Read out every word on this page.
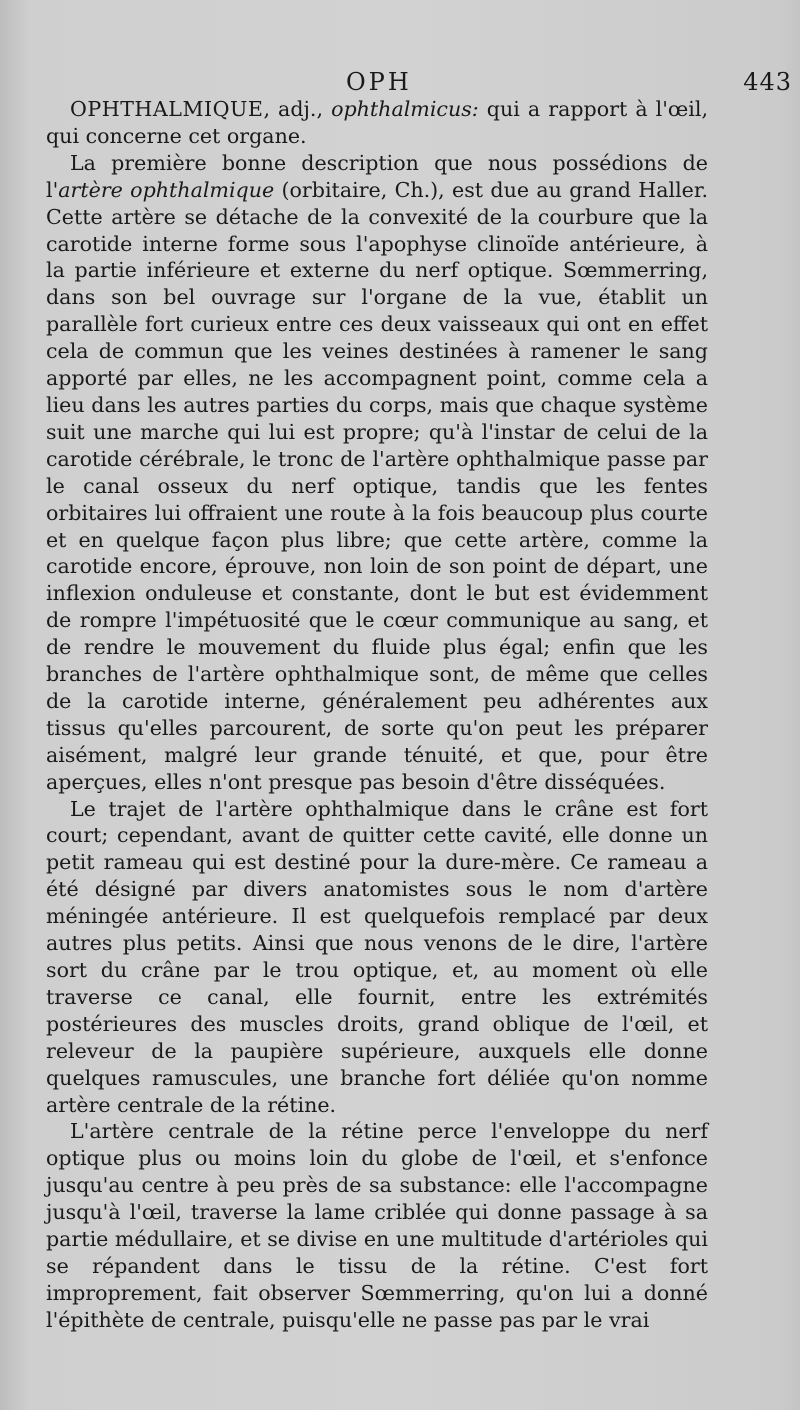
OPH	443

OPHTHALMIQUE, adj., ophthalmicus: qui a rapport à l'œil, qui concerne cet organe.

La première bonne description que nous possédions de l'artère ophthalmique (orbitaire, Ch.), est due au grand Haller. Cette artère se détache de la convexité de la courbure que la carotide interne forme sous l'apophyse clinoïde antérieure, à la partie inférieure et externe du nerf optique. Sœmmerring, dans son bel ouvrage sur l'organe de la vue, établit un parallèle fort curieux entre ces deux vaisseaux qui ont en effet cela de commun que les veines destinées à ramener le sang apporté par elles, ne les accompagnent point, comme cela a lieu dans les autres parties du corps, mais que chaque système suit une marche qui lui est propre; qu'à l'instar de celui de la carotide cérébrale, le tronc de l'artère ophthalmique passe par le canal osseux du nerf optique, tandis que les fentes orbitaires lui offraient une route à la fois beaucoup plus courte et en quelque façon plus libre; que cette artère, comme la carotide encore, éprouve, non loin de son point de départ, une inflexion onduleuse et constante, dont le but est évidemment de rompre l'impétuosité que le cœur communique au sang, et de rendre le mouvement du fluide plus égal; enfin que les branches de l'artère ophthalmique sont, de même que celles de la carotide interne, généralement peu adhérentes aux tissus qu'elles parcourent, de sorte qu'on peut les préparer aisément, malgré leur grande ténuité, et que, pour être aperçues, elles n'ont presque pas besoin d'être disséquées.

Le trajet de l'artère ophthalmique dans le crâne est fort court; cependant, avant de quitter cette cavité, elle donne un petit rameau qui est destiné pour la dure-mère. Ce rameau a été désigné par divers anatomistes sous le nom d'artère méningée antérieure. Il est quelquefois remplacé par deux autres plus petits. Ainsi que nous venons de le dire, l'artère sort du crâne par le trou optique, et, au moment où elle traverse ce canal, elle fournit, entre les extrémités postérieures des muscles droits, grand oblique de l'œil, et releveur de la paupière supérieure, auxquels elle donne quelques ramuscules, une branche fort déliée qu'on nomme artère centrale de la rétine.

L'artère centrale de la rétine perce l'enveloppe du nerf optique plus ou moins loin du globe de l'œil, et s'enfonce jusqu'au centre à peu près de sa substance: elle l'accompagne jusqu'à l'œil, traverse la lame criblée qui donne passage à sa partie médullaire, et se divise en une multitude d'artérioles qui se répandent dans le tissu de la rétine. C'est fort improprement, fait observer Sœmmerring, qu'on lui a donné l'épithète de centrale, puisqu'elle ne passe pas par le vrai
